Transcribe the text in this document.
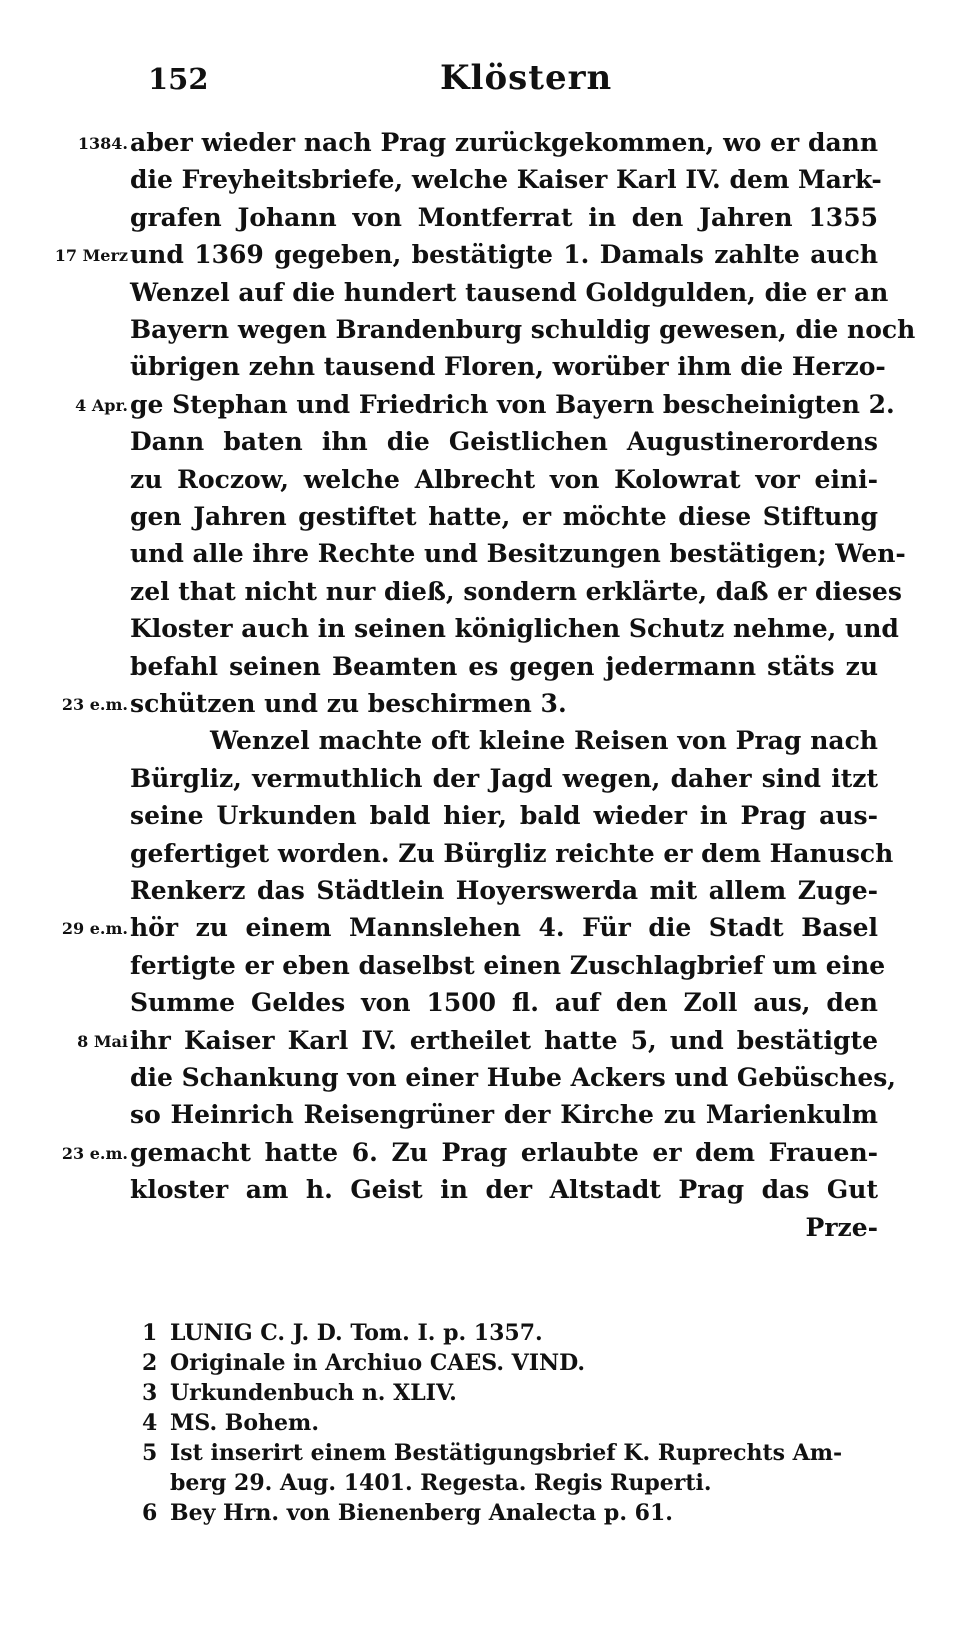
152	Klöstern
1384. aber wieder nach Prag zurückgekommen, wo er dann
die Freyheitsbriefe, welche Kaiser Karl IV. dem Mark-
grafen Johann von Montferrat in den Jahren 1355
17 Merz und 1369 gegeben, bestätigte 1. Damals zahlte auch
Wenzel auf die hundert tausend Goldgulden, die er an
Bayern wegen Brandenburg schuldig gewesen, die noch
übrigen zehn tausend Floren, worüber ihm die Herzo-
4 Apr. ge Stephan und Friedrich von Bayern bescheinigten 2.
Dann baten ihn die Geistlichen Augustinerordens
zu Roczow, welche Albrecht von Kolowrat vor eini-
gen Jahren gestiftet hatte, er möchte diese Stiftung
und alle ihre Rechte und Besitzungen bestätigen; Wen-
zel that nicht nur dieß, sondern erklärte, daß er dieses
Kloster auch in seinen königlichen Schutz nehme, und
befahl seinen Beamten es gegen jedermann stäts zu
23 e.m. schützen und zu beschirmen 3.
Wenzel machte oft kleine Reisen von Prag nach
Bürgliz, vermuthlich der Jagd wegen, daher sind itzt
seine Urkunden bald hier, bald wieder in Prag aus-
gefertiget worden. Zu Bürgliz reichte er dem Hanusch
Renkerz das Städtlein Hoyerswerda mit allem Zuge-
29 e.m. hör zu einem Mannslehen 4. Für die Stadt Basel
fertigte er eben daselbst einen Zuschlagbrief um eine
Summe Geldes von 1500 fl. auf den Zoll aus, den
8 Mai ihr Kaiser Karl IV. ertheilet hatte 5, und bestätigte
die Schankung von einer Hube Ackers und Gebüsches,
so Heinrich Reisengrüner der Kirche zu Marienkulm
23 e.m. gemacht hatte 6. Zu Prag erlaubte er dem Frauen-
kloster am h. Geist in der Altstadt Prag das Gut
Prze-
1 LUNIG C. J. D. Tom. I. p. 1357.
2 Originale in Archiuo CAES. VIND.
3 Urkundenbuch n. XLIV.
4 MS. Bohem.
5 Ist inserirt einem Bestätigungsbrief K. Ruprechts Am-
berg 29. Aug. 1401. Regesta. Regis Ruperti.
6 Bey Hrn. von Bienenberg Analecta p. 61.
